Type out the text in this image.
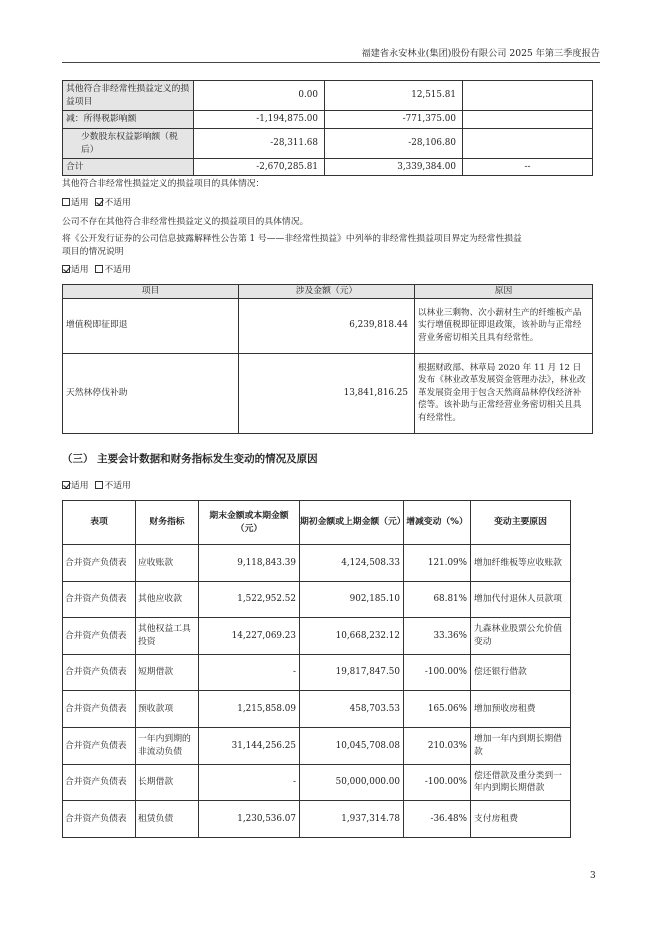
福建省永安林业(集团)股份有限公司 2025 年第三季度报告
其他符合非经常性损益定义的损益项目	0.00	12,515.81	
减：所得税影响额	-1,194,875.00	-771,375.00	
少数股东权益影响额（税后）	-28,311.68	-28,106.80	
合计	-2,670,285.81	3,339,384.00	--
其他符合非经常性损益定义的损益项目的具体情况：
适用 不适用
公司不存在其他符合非经常性损益定义的损益项目的具体情况。
将《公开发行证券的公司信息披露解释性公告第 1 号——非经常性损益》中列举的非经常性损益项目界定为经常性损益
项目的情况说明
适用 不适用
项目	涉及金额（元）	原因
增值税即征即退	6,239,818.44	以林业三剩物、次小薪材生产的纤维板产品实行增值税即征即退政策，该补助与正常经营业务密切相关且具有经常性。
天然林停伐补助	13,841,816.25	根据财政部、林草局 2020 年 11 月 12 日发布《林业改革发展资金管理办法》，林业改革发展资金用于包含天然商品林停伐经济补偿等。该补助与正常经营业务密切相关且具有经常性。
（三） 主要会计数据和财务指标发生变动的情况及原因
适用 不适用
表项	财务指标	期末金额或本期金额（元）	期初金额或上期金额（元）	增减变动（%）	变动主要原因
合并资产负债表	应收账款	9,118,843.39	4,124,508.33	121.09%	增加纤维板等应收账款
合并资产负债表	其他应收款	1,522,952.52	902,185.10	68.81%	增加代付退休人员款项
合并资产负债表	其他权益工具投资	14,227,069.23	10,668,232.12	33.36%	九森林业股票公允价值变动
合并资产负债表	短期借款	-	19,817,847.50	-100.00%	偿还银行借款
合并资产负债表	预收款项	1,215,858.09	458,703.53	165.06%	增加预收房租费
合并资产负债表	一年内到期的非流动负债	31,144,256.25	10,045,708.08	210.03%	增加一年内到期长期借款
合并资产负债表	长期借款	-	50,000,000.00	-100.00%	偿还借款及重分类到一年内到期长期借款
合并资产负债表	租赁负债	1,230,536.07	1,937,314.78	-36.48%	支付房租费
3
